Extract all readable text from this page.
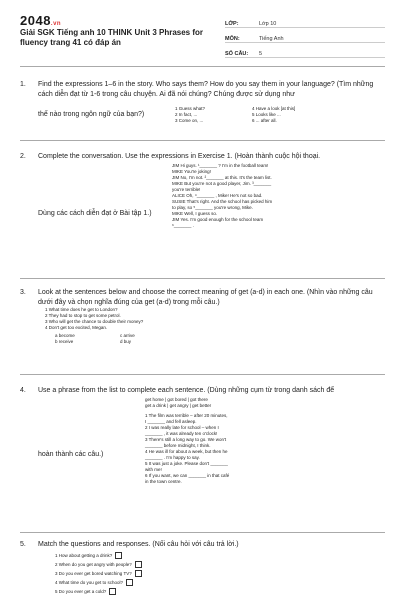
2048.vn
Giải SGK Tiếng anh 10 THINK Unit 3 Phrases for fluency trang 41 có đáp án
LỚP:	Lớp 10
MÔN:	Tiếng Anh
SỐ CÂU:	5
1. Find the expressions 1–6 in the story. Who says them? How do you say them in your language? (Tìm những cách diễn đạt từ 1-6 trong câu chuyện. Ai đã nói chúng? Chúng được sử dụng như
thế nào trong ngôn ngữ của bạn?)
1 Guess what?
2 In fact, ...
3 Come on, ...
4 Have a look [at this]
5 Looks like ...
6 ... after all.
2. Complete the conversation. Use the expressions in Exercise 1. (Hoàn thành cuộc hội thoại.
Dùng các cách diễn đạt ở Bài tập 1.)
JIM Hi guys. ¹_______ ? I'm in the football team!
MIKE You're joking!
JIM No, I'm not. ²_______ at this. It's the team list.
MIKE But you're not a good player, Jim. ³_______
you're terrible!
ALICE Oh, ⁴_______ , Mike! He's not so bad.
SUSIE That's right. And the school has picked him
to play, so ⁵_______ you're wrong, Mike.
MIKE Well, I guess so.
JIM Yes. I'm good enough for the school team
⁶_______ .
3. Look at the sentences below and choose the correct meaning of get (a-d) in each one. (Nhìn vào những câu dưới đây và chọn nghĩa đúng của get (a-d) trong mỗi câu.)
1 What time does he get to London?
2 They had to stop to get some petrol.
3 Who will get the chance to double their money?
4 Don't get too excited, Megan.
a become
b receive
c arrive
d buy
4. Use a phrase from the list to complete each sentence. (Dùng những cụm từ trong danh sách để
hoàn thành các câu.)
get home | got bored | got there
get a drink | get angry | get better
1 The film was terrible – after 20 minutes,
I _______ and fell asleep.
2 I was really late for school – when I
_______ , it was already ten o'clock!
3 There's still a long way to go. We won't
_______ before midnight, I think.
4 He was ill for about a week, but then he
_______ . I'm happy to say.
5 It was just a joke. Please don't _______
with me!
6 If you want, we can _______ in that café
in the town centre.
5. Match the questions and responses. (Nối câu hỏi với câu trả lời.)
1 How about getting a drink?
2 When do you get angry with people?
3 Do you ever get bored watching TV?
4 What time do you get to school?
5 Do you ever get a cold?
